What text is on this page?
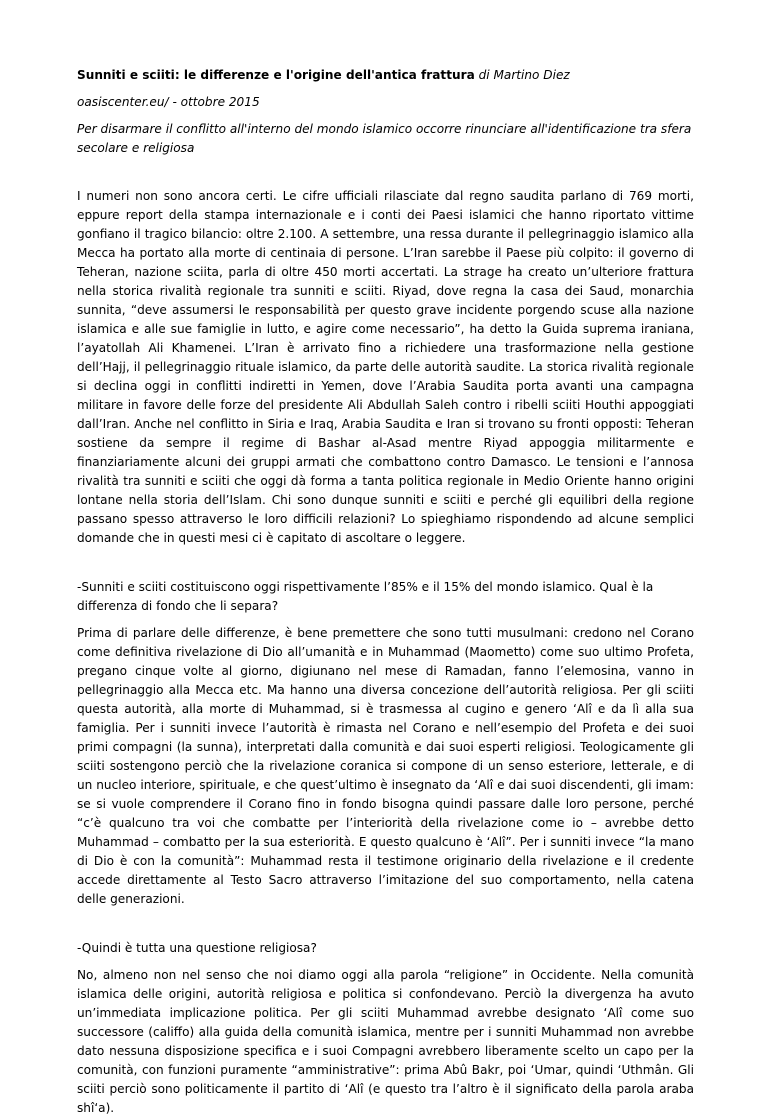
Sunniti e sciiti: le differenze e l'origine dell'antica frattura di Martino Diez

oasiscenter.eu/ - ottobre 2015

Per disarmare il conflitto all'interno del mondo islamico occorre rinunciare all'identificazione tra sfera secolare e religiosa

I numeri non sono ancora certi. Le cifre ufficiali rilasciate dal regno saudita parlano di 769 morti, eppure report della stampa internazionale e i conti dei Paesi islamici che hanno riportato vittime gonfiano il tragico bilancio: oltre 2.100. A settembre, una ressa durante il pellegrinaggio islamico alla Mecca ha portato alla morte di centinaia di persone. L’Iran sarebbe il Paese più colpito: il governo di Teheran, nazione sciita, parla di oltre 450 morti accertati. La strage ha creato un’ulteriore frattura nella storica rivalità regionale tra sunniti e sciiti. Riyad, dove regna la casa dei Saud, monarchia sunnita, “deve assumersi le responsabilità per questo grave incidente porgendo scuse alla nazione islamica e alle sue famiglie in lutto, e agire come necessario”, ha detto la Guida suprema iraniana, l’ayatollah Ali Khamenei. L’Iran è arrivato fino a richiedere una trasformazione nella gestione dell’Hajj, il pellegrinaggio rituale islamico, da parte delle autorità saudite. La storica rivalità regionale si declina oggi in conflitti indiretti in Yemen, dove l’Arabia Saudita porta avanti una campagna militare in favore delle forze del presidente Ali Abdullah Saleh contro i ribelli sciiti Houthi appoggiati dall’Iran. Anche nel conflitto in Siria e Iraq, Arabia Saudita e Iran si trovano su fronti opposti: Teheran sostiene da sempre il regime di Bashar al-Asad mentre Riyad appoggia militarmente e finanziariamente alcuni dei gruppi armati che combattono contro Damasco. Le tensioni e l’annosa rivalità tra sunniti e sciiti che oggi dà forma a tanta politica regionale in Medio Oriente hanno origini lontane nella storia dell’Islam. Chi sono dunque sunniti e sciiti e perché gli equilibri della regione passano spesso attraverso le loro difficili relazioni? Lo spieghiamo rispondendo ad alcune semplici domande che in questi mesi ci è capitato di ascoltare o leggere.

-Sunniti e sciiti costituiscono oggi rispettivamente l’85% e il 15% del mondo islamico. Qual è la differenza di fondo che li separa?

Prima di parlare delle differenze, è bene premettere che sono tutti musulmani: credono nel Corano come definitiva rivelazione di Dio all’umanità e in Muhammad (Maometto) come suo ultimo Profeta, pregano cinque volte al giorno, digiunano nel mese di Ramadan, fanno l’elemosina, vanno in pellegrinaggio alla Mecca etc. Ma hanno una diversa concezione dell’autorità religiosa. Per gli sciiti questa autorità, alla morte di Muhammad, si è trasmessa al cugino e genero ‘Alî e da lì alla sua famiglia. Per i sunniti invece l’autorità è rimasta nel Corano e nell’esempio del Profeta e dei suoi primi compagni (la sunna), interpretati dalla comunità e dai suoi esperti religiosi. Teologicamente gli sciiti sostengono perciò che la rivelazione coranica si compone di un senso esteriore, letterale, e di un nucleo interiore, spirituale, e che quest’ultimo è insegnato da ‘Alî e dai suoi discendenti, gli imam: se si vuole comprendere il Corano fino in fondo bisogna quindi passare dalle loro persone, perché “c’è qualcuno tra voi che combatte per l’interiorità della rivelazione come io – avrebbe detto Muhammad – combatto per la sua esteriorità. E questo qualcuno è ‘Alî”. Per i sunniti invece “la mano di Dio è con la comunità”: Muhammad resta il testimone originario della rivelazione e il credente accede direttamente al Testo Sacro attraverso l’imitazione del suo comportamento, nella catena delle generazioni.

-Quindi è tutta una questione religiosa?

No, almeno non nel senso che noi diamo oggi alla parola “religione” in Occidente. Nella comunità islamica delle origini, autorità religiosa e politica si confondevano. Perciò la divergenza ha avuto un’immediata implicazione politica. Per gli sciiti Muhammad avrebbe designato ‘Alî come suo successore (califfo) alla guida della comunità islamica, mentre per i sunniti Muhammad non avrebbe dato nessuna disposizione specifica e i suoi Compagni avrebbero liberamente scelto un capo per la comunità, con funzioni puramente “amministrative”: prima Abû Bakr, poi ‘Umar, quindi ‘Uthmân. Gli sciiti perciò sono politicamente il partito di ‘Alî (e questo tra l’altro è il significato della parola araba shî‘a).
